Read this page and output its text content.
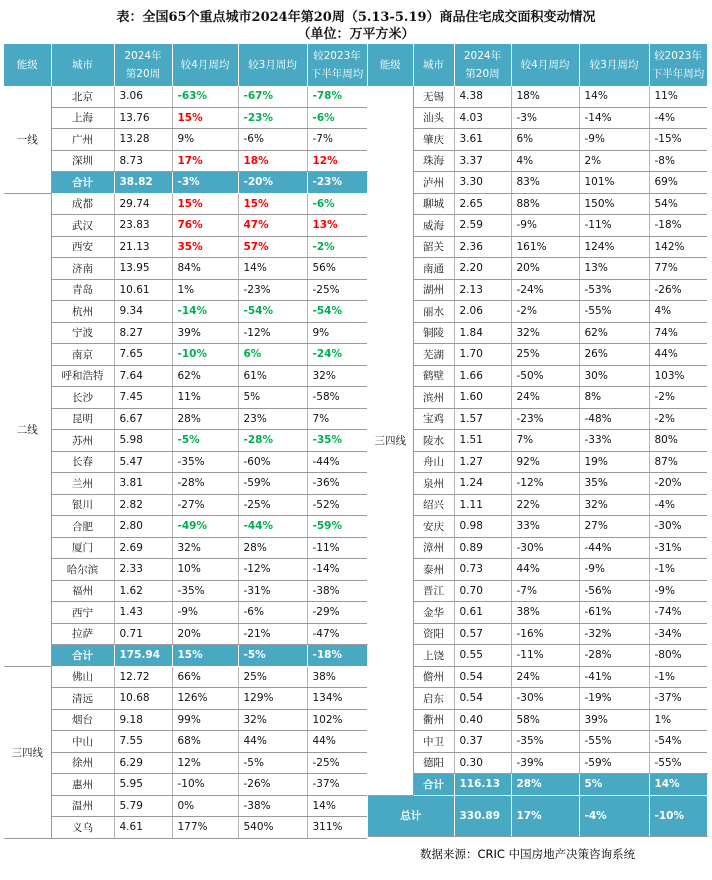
表：全国65个重点城市2024年第20周（5.13-5.19）商品住宅成交面积变动情况
（单位：万平方米）
能级	城市	2024年
第20周	较4月周均	较3月周均	较2023年
下半年周均
一线	北京	3.06	-63%	-67%	-78%
	上海	13.76	15%	-23%	-6%
	广州	13.28	9%	-6%	-7%
	深圳	8.73	17%	18%	12%
	合计	38.82	-3%	-20%	-23%
二线	成都	29.74	15%	15%	-6%
	武汉	23.83	76%	47%	13%
	西安	21.13	35%	57%	-2%
	济南	13.95	84%	14%	56%
	青岛	10.61	1%	-23%	-25%
	杭州	9.34	-14%	-54%	-54%
	宁波	8.27	39%	-12%	9%
	南京	7.65	-10%	6%	-24%
	呼和浩特	7.64	62%	61%	32%
	长沙	7.45	11%	5%	-58%
	昆明	6.67	28%	23%	7%
	苏州	5.98	-5%	-28%	-35%
	长春	5.47	-35%	-60%	-44%
	兰州	3.81	-28%	-59%	-36%
	银川	2.82	-27%	-25%	-52%
	合肥	2.80	-49%	-44%	-59%
	厦门	2.69	32%	28%	-11%
	哈尔滨	2.33	10%	-12%	-14%
	福州	1.62	-35%	-31%	-38%
	西宁	1.43	-9%	-6%	-29%
	拉萨	0.71	20%	-21%	-47%
	合计	175.94	15%	-5%	-18%
三四线	佛山	12.72	66%	25%	38%
	清远	10.68	126%	129%	134%
	烟台	9.18	99%	32%	102%
	中山	7.55	68%	44%	44%
	徐州	6.29	12%	-5%	-25%
	惠州	5.95	-10%	-26%	-37%
	温州	5.79	0%	-38%	14%
	义乌	4.61	177%	540%	311%
能级	城市	2024年
第20周	较4月周均	较3月周均	较2023年
下半年周均
三四线	无锡	4.38	18%	14%	11%
	汕头	4.03	-3%	-14%	-4%
	肇庆	3.61	6%	-9%	-15%
	珠海	3.37	4%	2%	-8%
	泸州	3.30	83%	101%	69%
	聊城	2.65	88%	150%	54%
	威海	2.59	-9%	-11%	-18%
	韶关	2.36	161%	124%	142%
	南通	2.20	20%	13%	77%
	湖州	2.13	-24%	-53%	-26%
	丽水	2.06	-2%	-55%	4%
	铜陵	1.84	32%	62%	74%
	芜湖	1.70	25%	26%	44%
	鹤壁	1.66	-50%	30%	103%
	滨州	1.60	24%	8%	-2%
	宝鸡	1.57	-23%	-48%	-2%
	陵水	1.51	7%	-33%	80%
	舟山	1.27	92%	19%	87%
	泉州	1.24	-12%	35%	-20%
	绍兴	1.11	22%	32%	-4%
	安庆	0.98	33%	27%	-30%
	漳州	0.89	-30%	-44%	-31%
	泰州	0.73	44%	-9%	-1%
	晋江	0.70	-7%	-56%	-9%
	金华	0.61	38%	-61%	-74%
	资阳	0.57	-16%	-32%	-34%
	上饶	0.55	-11%	-28%	-80%
	儋州	0.54	24%	-41%	-1%
	启东	0.54	-30%	-19%	-37%
	衢州	0.40	58%	39%	1%
	中卫	0.37	-35%	-55%	-54%
	德阳	0.30	-39%	-59%	-55%
	合计	116.13	28%	5%	14%
总计		330.89	17%	-4%	-10%
数据来源：CRIC 中国房地产决策咨询系统
